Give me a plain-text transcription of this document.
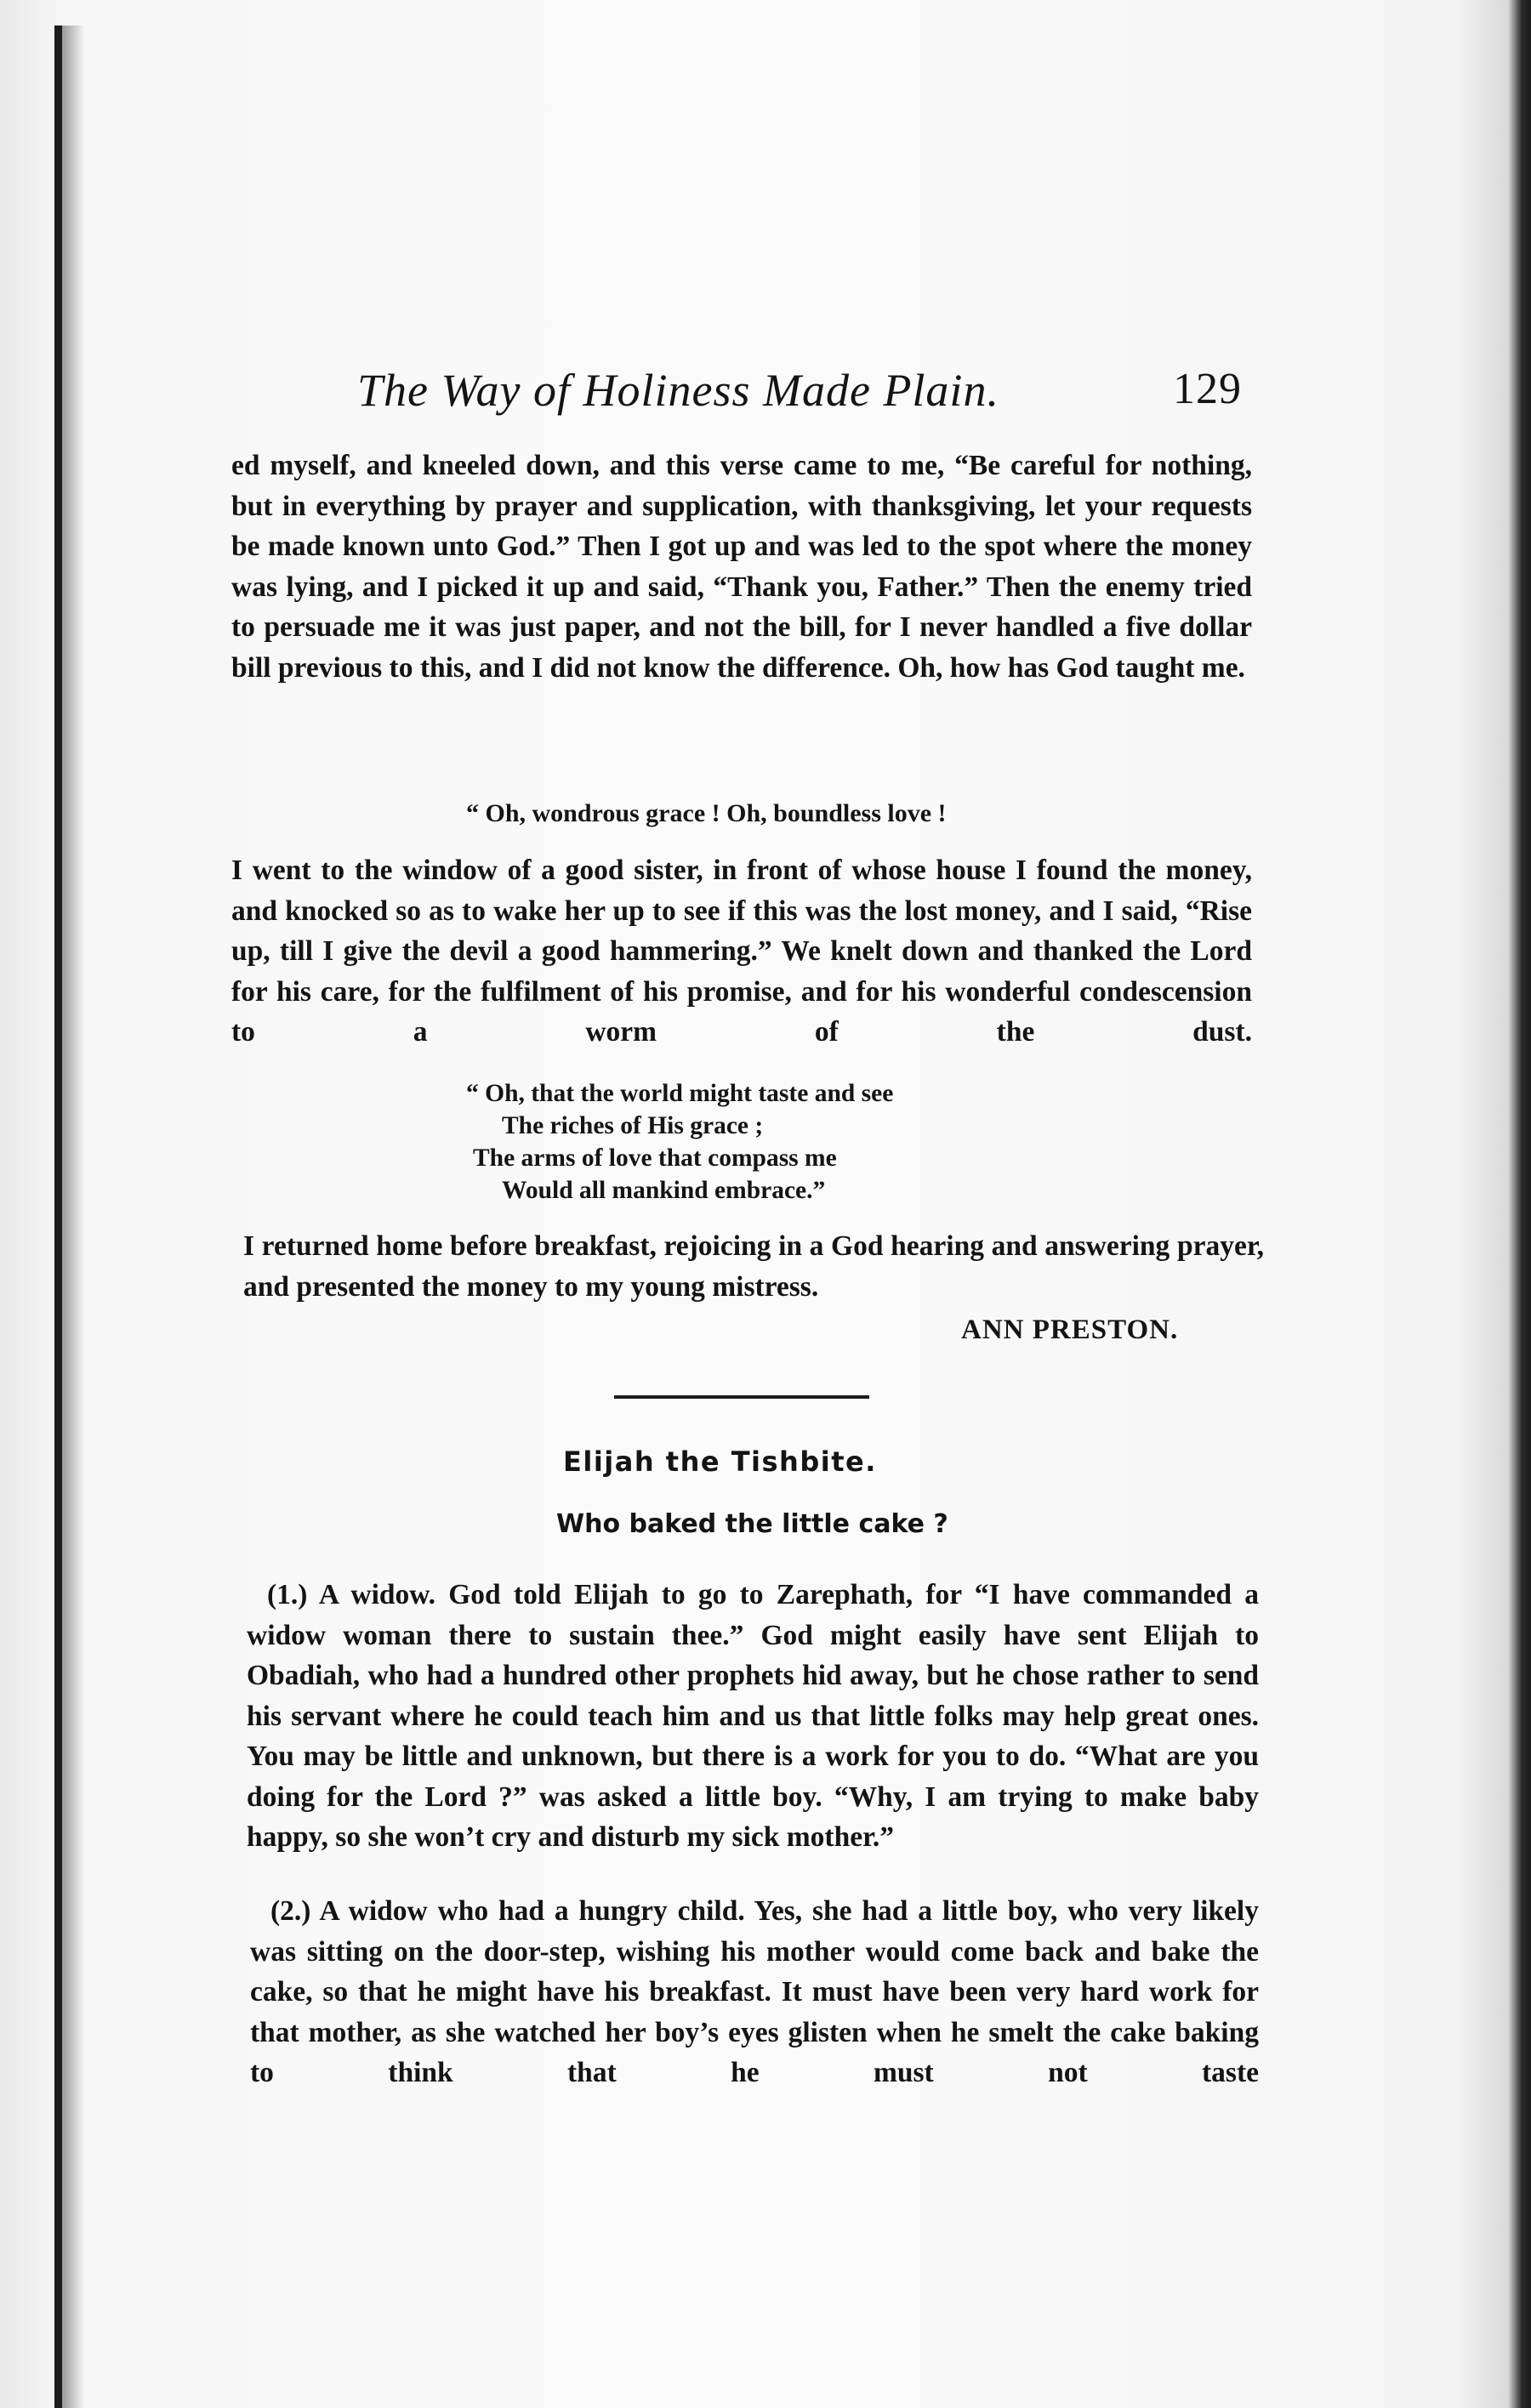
The Way of Holiness Made Plain.	129

ed myself, and kneeled down, and this verse came to me, “Be careful for nothing, but in everything by prayer and supplication, with thanksgiving, let your requests be made known unto God.” Then I got up and was led to the spot where the money was lying, and I picked it up and said, “Thank you, Father.” Then the enemy tried to persuade me it was just paper, and not the bill, for I never handled a five dollar bill previous to this, and I did not know the difference. Oh, how has God taught me.

“ Oh, wondrous grace ! Oh, boundless love !

I went to the window of a good sister, in front of whose house I found the money, and knocked so as to wake her up to see if this was the lost money, and I said, “Rise up, till I give the devil a good hammering.” We knelt down and thanked the Lord for his care, for the fulfilment of his promise, and for his wonderful condescension to a worm of the dust.

“ Oh, that the world might taste and see
The riches of His grace ;
The arms of love that compass me
Would all mankind embrace.”

I returned home before breakfast, rejoicing in a God hearing and answering prayer, and presented the money to my young mistress.

ANN PRESTON.
Elijah the Tishbite.
Who baked the little cake ?

(1.) A widow. God told Elijah to go to Zarephath, for “I have commanded a widow woman there to sustain thee.” God might easily have sent Elijah to Obadiah, who had a hundred other prophets hid away, but he chose rather to send his servant where he could teach him and us that little folks may help great ones. You may be little and unknown, but there is a work for you to do. “What are you doing for the Lord ?” was asked a little boy. “Why, I am trying to make baby happy, so she won’t cry and disturb my sick mother.”

(2.) A widow who had a hungry child. Yes, she had a little boy, who very likely was sitting on the door-step, wishing his mother would come back and bake the cake, so that he might have his breakfast. It must have been very hard work for that mother, as she watched her boy’s eyes glisten when he smelt the cake baking to think that he must not taste
